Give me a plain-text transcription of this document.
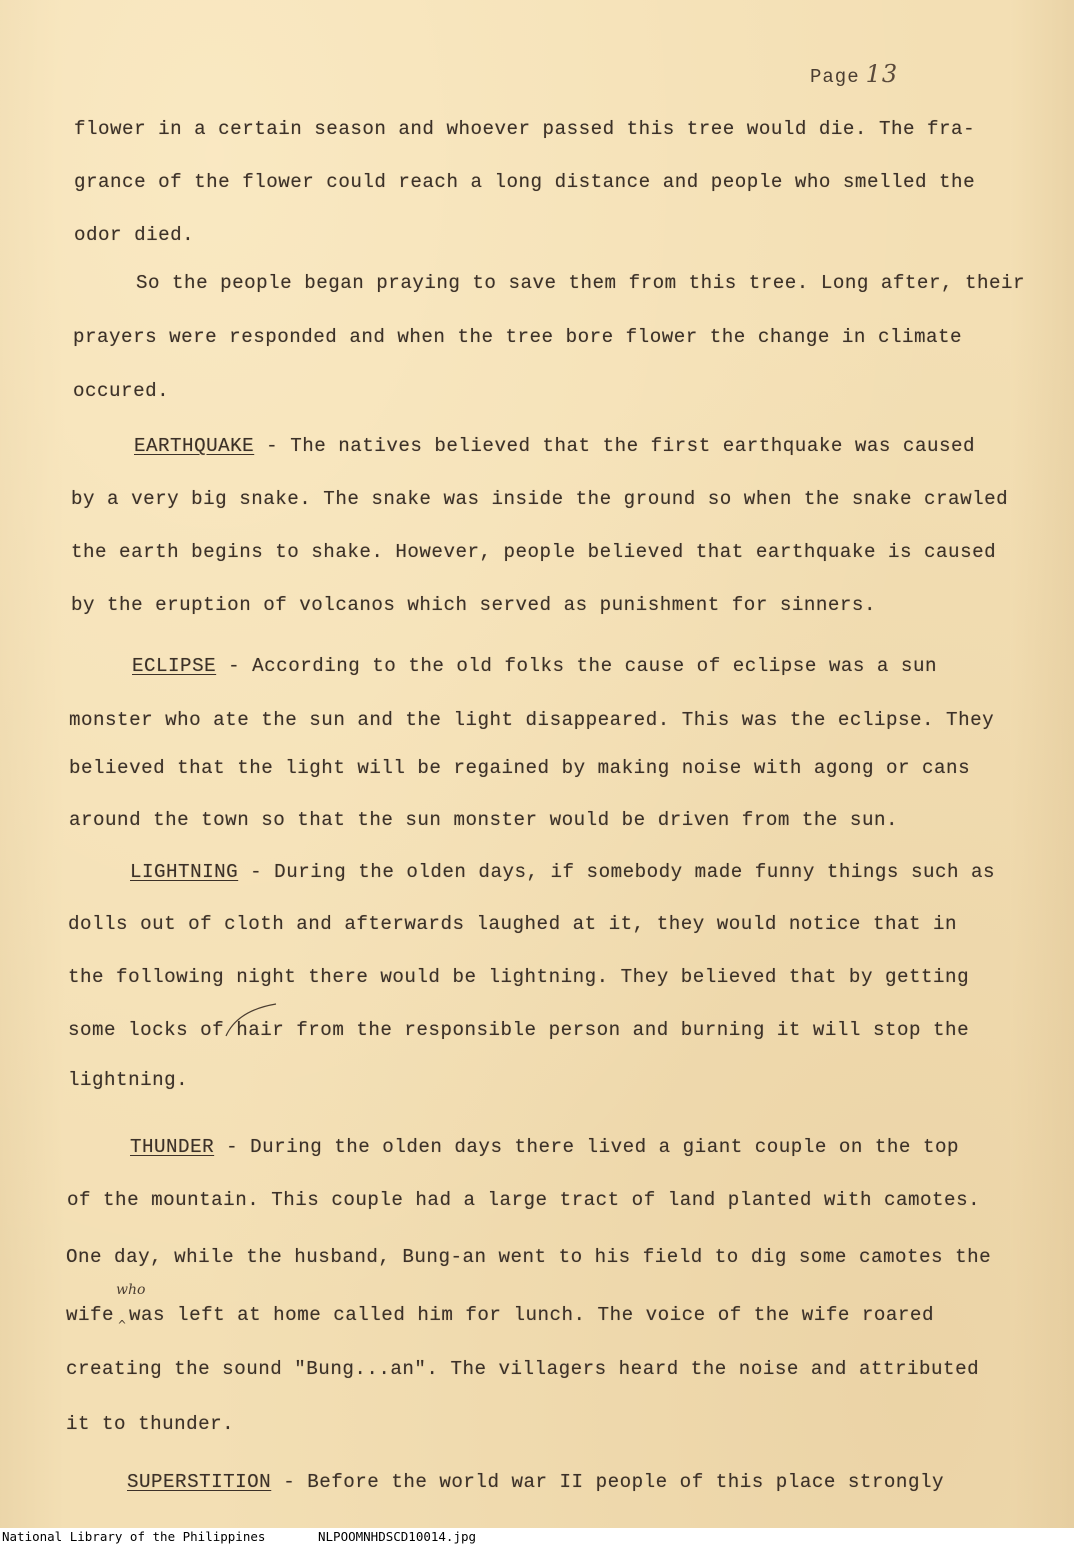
Page 13
flower in a certain season and whoever passed this tree would die. The fra-
grance of the flower could reach a long distance and people who smelled the
odor died.
So the people began praying to save them from this tree. Long after, their
prayers were responded and when the tree bore flower the change in climate
occured.
EARTHQUAKE - The natives believed that the first earthquake was caused
by a very big snake. The snake was inside the ground so when the snake crawled
the earth begins to shake. However, people believed that earthquake is caused
by the eruption of volcanos which served as punishment for sinners.
ECLIPSE - According to the old folks the cause of eclipse was a sun
monster who ate the sun and the light disappeared. This was the eclipse. They
believed that the light will be regained by making noise with agong or cans
around the town so that the sun monster would be driven from the sun.
LIGHTNING - During the olden days, if somebody made funny things such as
dolls out of cloth and afterwards laughed at it, they would notice that in
the following night there would be lightning. They believed that by getting
some locks of hair from the responsible person and burning it will stop the
lightning.
THUNDER - During the olden days there lived a giant couple on the top
of the mountain. This couple had a large tract of land planted with camotes.
One day, while the husband, Bung-an went to his field to dig some camotes the
who
^
wife was left at home called him for lunch. The voice of the wife roared
creating the sound "Bung...an". The villagers heard the noise and attributed
it to thunder.
SUPERSTITION - Before the world war II people of this place strongly
National Library of the Philippines	NLPOOMNHDSCD10014.jpg
